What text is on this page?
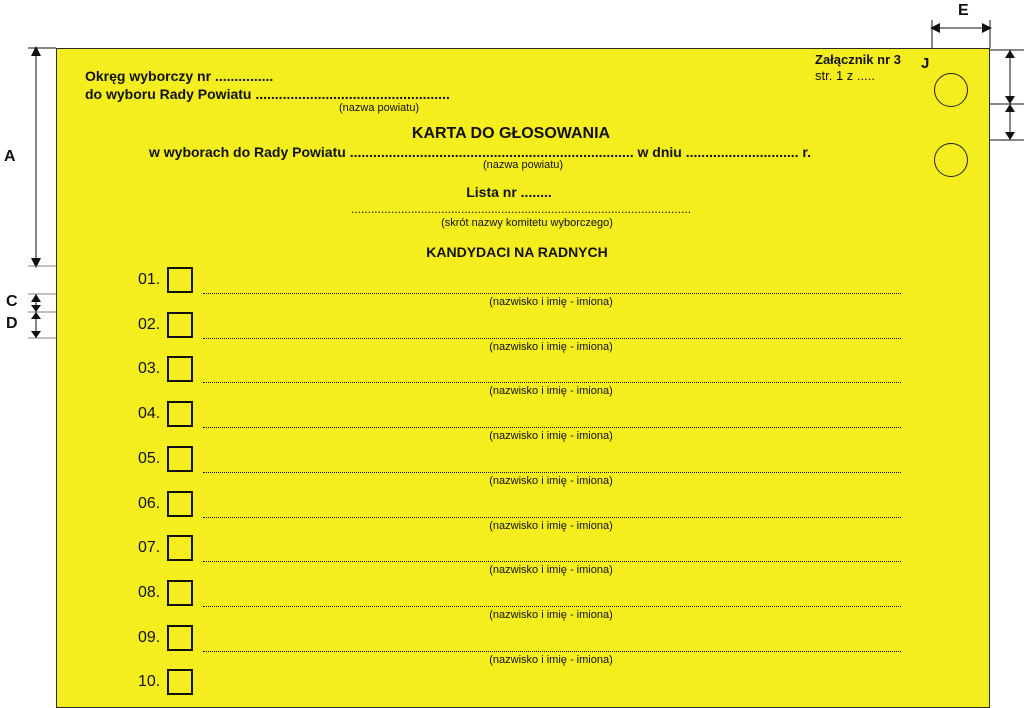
A
C
D
E
Okręg wyborczy nr ...............
do wyboru Rady Powiatu ..................................................
(nazwa powiatu)
Załącznik nr 3
str. 1 z .....
J
KARTA DO GŁOSOWANIA
w wyborach do Rady Powiatu ......................................................................... w dniu ............................. r.
(nazwa powiatu)
Lista nr ........
......................................................................................................
(skrót nazwy komitetu wyborczego)
KANDYDACI NA RADNYCH
01.
(nazwisko i imię - imiona)
02.
(nazwisko i imię - imiona)
03.
(nazwisko i imię - imiona)
04.
(nazwisko i imię - imiona)
05.
(nazwisko i imię - imiona)
06.
(nazwisko i imię - imiona)
07.
(nazwisko i imię - imiona)
08.
(nazwisko i imię - imiona)
09.
(nazwisko i imię - imiona)
10.
